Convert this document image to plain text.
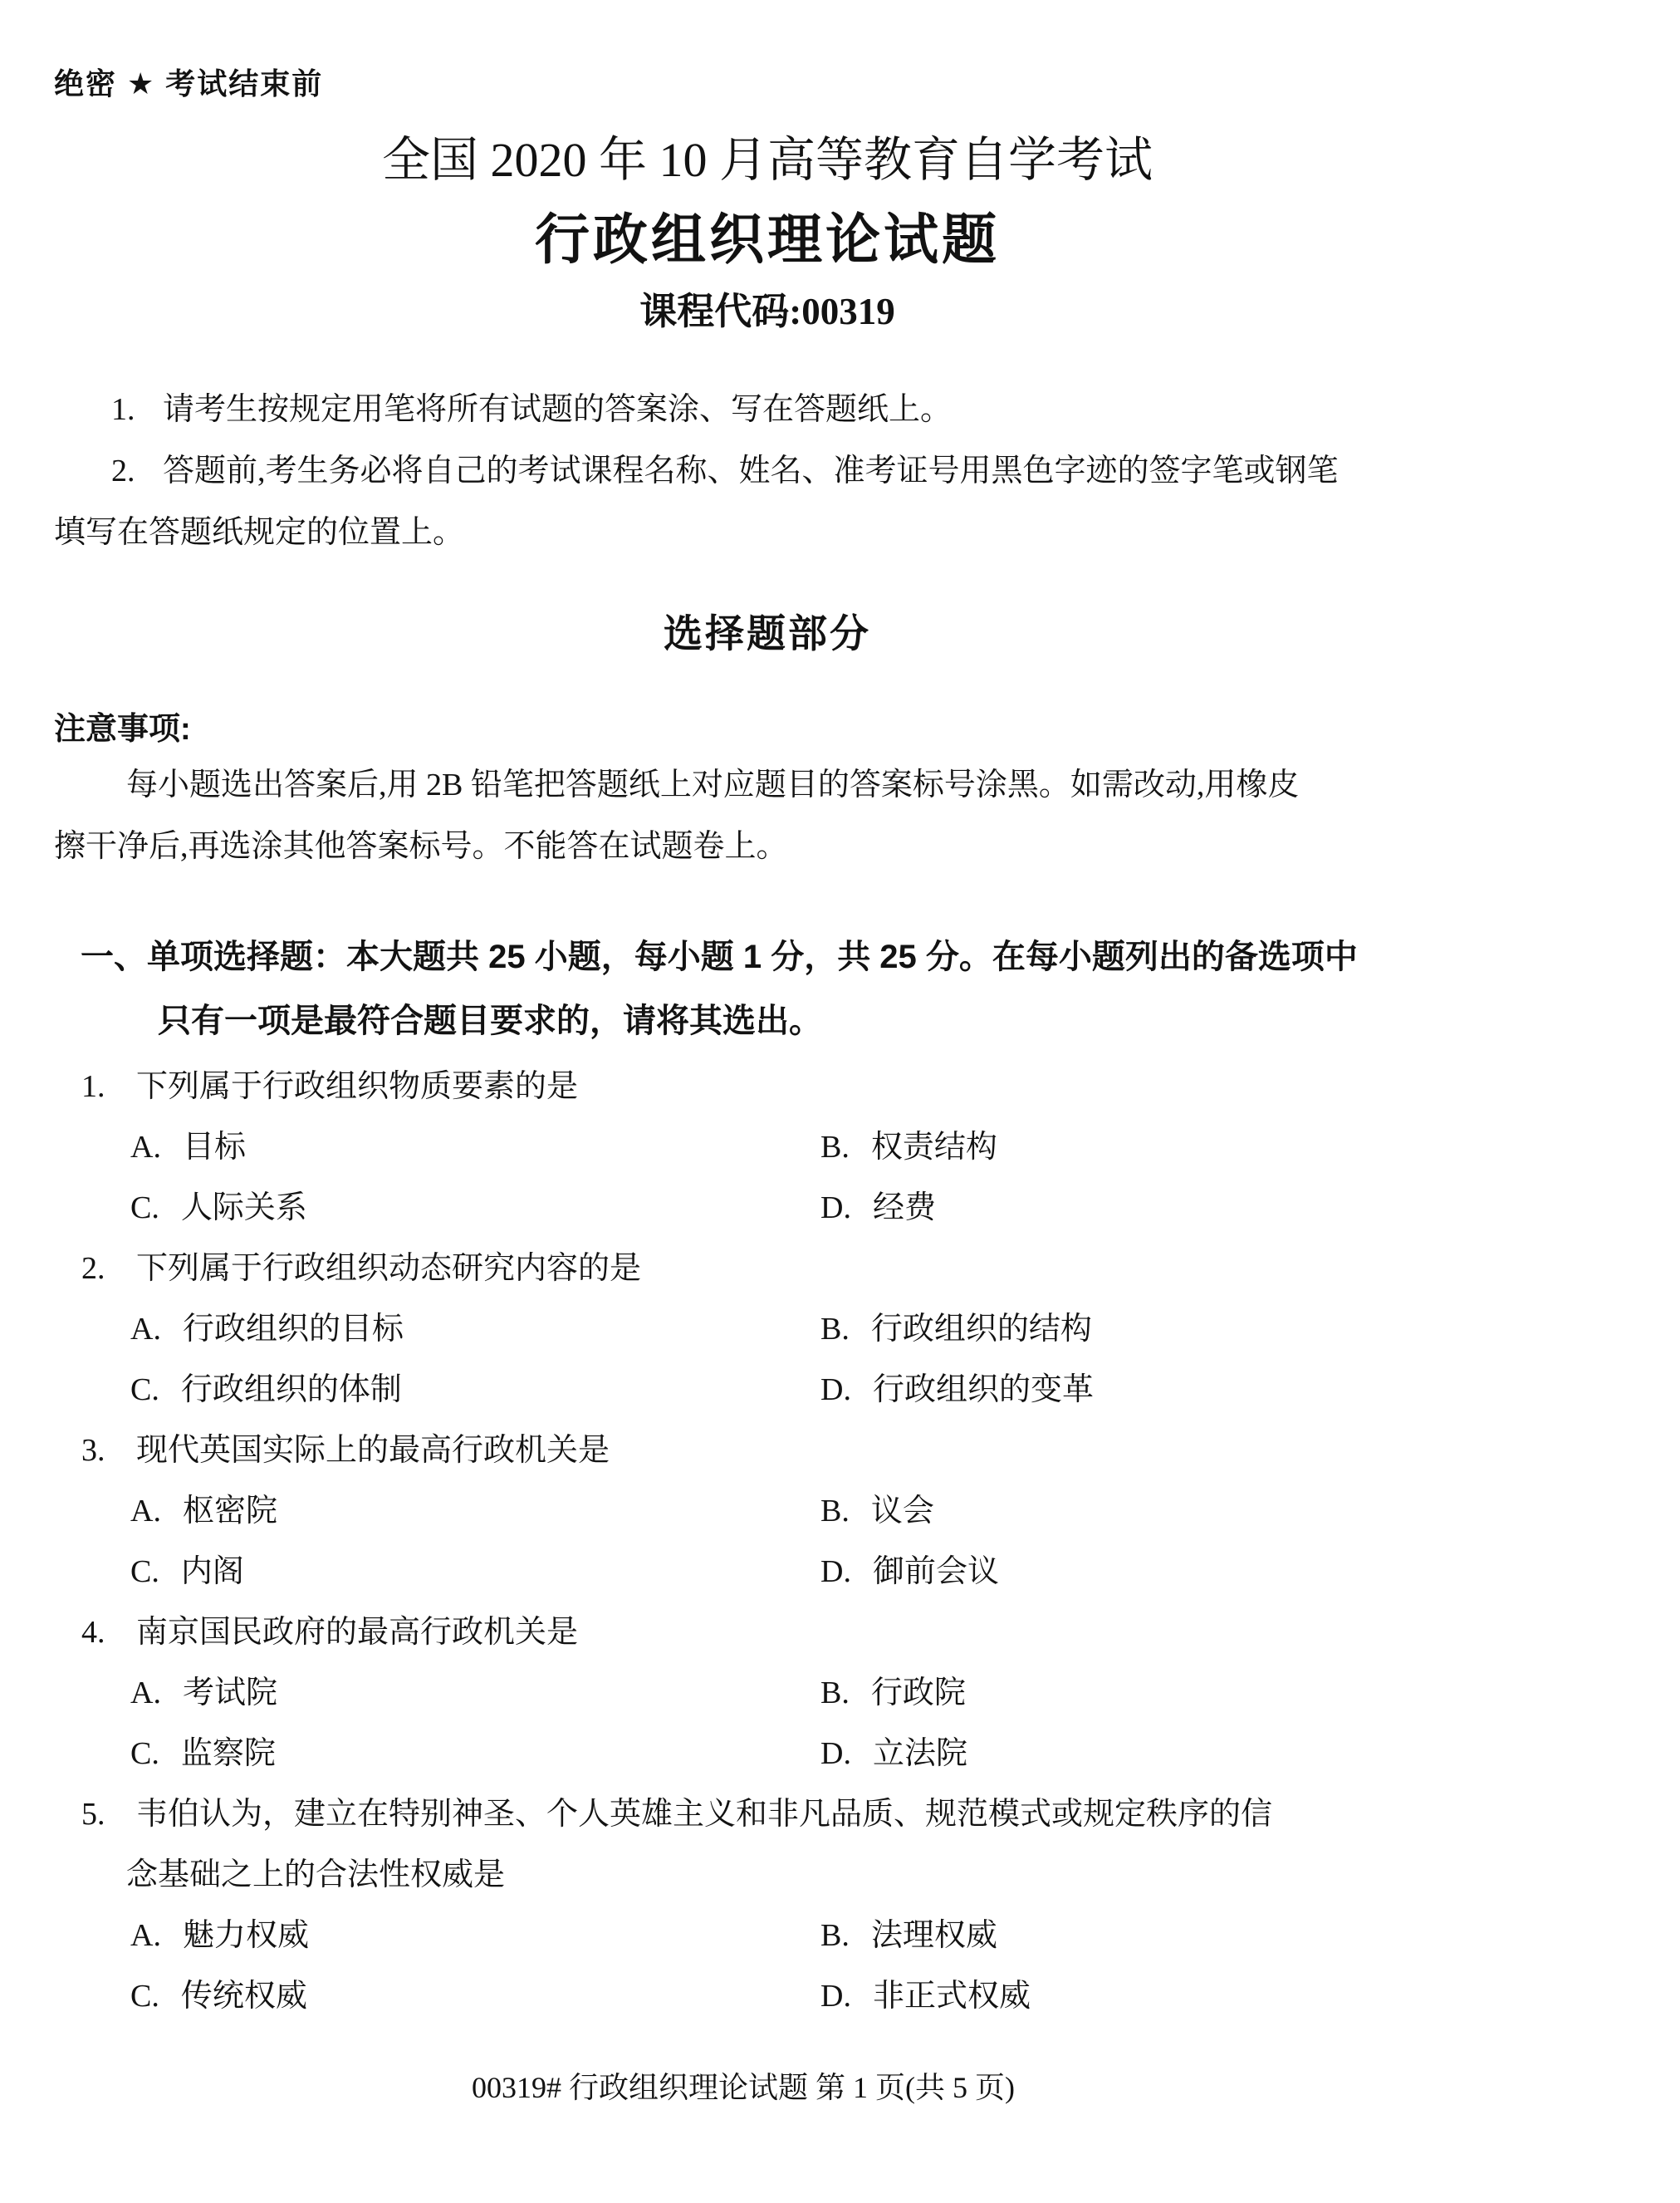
绝密 ★ 考试结束前
全国 2020 年 10 月高等教育自学考试
行政组织理论试题
课程代码:00319
1. 请考生按规定用笔将所有试题的答案涂、写在答题纸上。
2. 答题前,考生务必将自己的考试课程名称、姓名、准考证号用黑色字迹的签字笔或钢笔
填写在答题纸规定的位置上。
选择题部分
注意事项:
每小题选出答案后,用 2B 铅笔把答题纸上对应题目的答案标号涂黑。如需改动,用橡皮
擦干净后,再选涂其他答案标号。不能答在试题卷上。
一、单项选择题：本大题共 25 小题，每小题 1 分，共 25 分。在每小题列出的备选项中
只有一项是最符合题目要求的，请将其选出。
1. 下列属于行政组织物质要素的是
A. 目标	B. 权责结构
C. 人际关系	D. 经费
2. 下列属于行政组织动态研究内容的是
A. 行政组织的目标	B. 行政组织的结构
C. 行政组织的体制	D. 行政组织的变革
3. 现代英国实际上的最高行政机关是
A. 枢密院	B. 议会
C. 内阁	D. 御前会议
4. 南京国民政府的最高行政机关是
A. 考试院	B. 行政院
C. 监察院	D. 立法院
5. 韦伯认为，建立在特别神圣、个人英雄主义和非凡品质、规范模式或规定秩序的信
念基础之上的合法性权威是
A. 魅力权威	B. 法理权威
C. 传统权威	D. 非正式权威
00319# 行政组织理论试题 第 1 页(共 5 页)
